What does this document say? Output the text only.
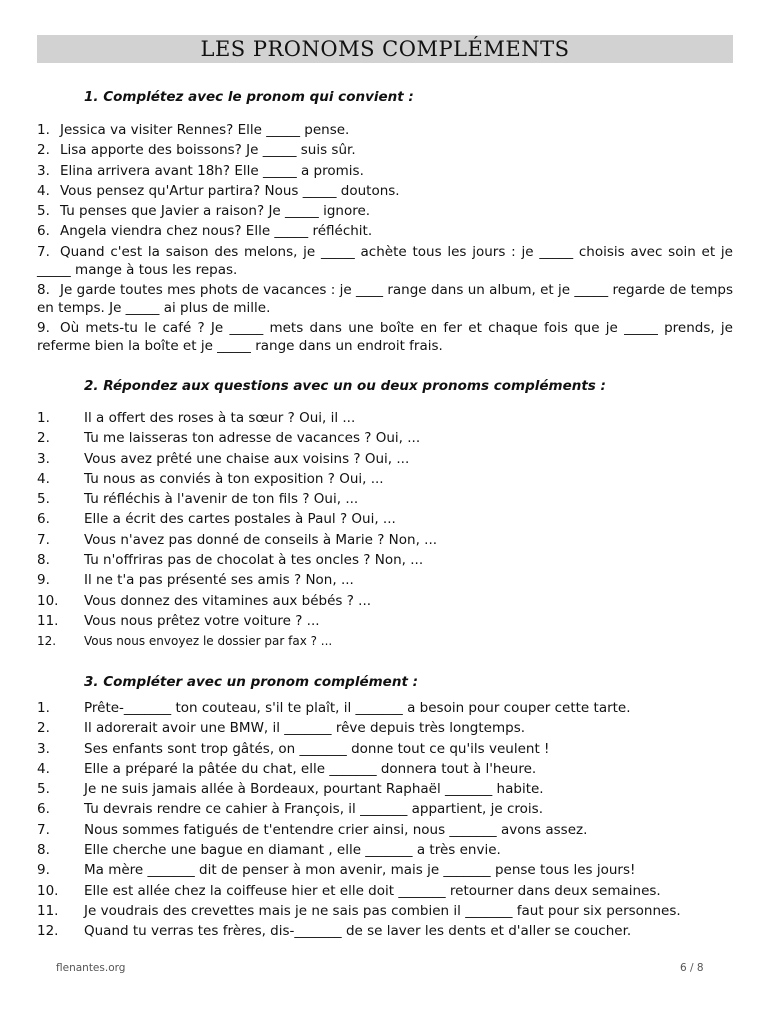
LES PRONOMS COMPLÉMENTS
1. Complétez avec le pronom qui convient :
1. Jessica va visiter Rennes? Elle _____ pense.
2. Lisa apporte des boissons? Je _____ suis sûr.
3. Elina arrivera avant 18h? Elle _____ a promis.
4. Vous pensez qu'Artur partira? Nous _____ doutons.
5. Tu penses que Javier a raison? Je _____ ignore.
6. Angela viendra chez nous? Elle _____ réfléchit.
7. Quand c'est la saison des melons, je _____ achète tous les jours : je _____ choisis avec soin et je _____ mange à tous les repas.
8. Je garde toutes mes phots de vacances : je ____ range dans un album, et je _____ regarde de temps en temps. Je _____ ai plus de mille.
9. Où mets-tu le café ? Je _____ mets dans une boîte en fer et chaque fois que je _____ prends, je referme bien la boîte et je _____ range dans un endroit frais.
2. Répondez aux questions avec un ou deux pronoms compléments :
1.	Il a offert des roses à ta sœur ? Oui, il ...
2.	Tu me laisseras ton adresse de vacances ? Oui, ...
3.	Vous avez prêté une chaise aux voisins ? Oui, ...
4.	Tu nous as conviés à ton exposition ? Oui, ...
5.	Tu réfléchis à l'avenir de ton fils ? Oui, ...
6.	Elle a écrit des cartes postales à Paul ? Oui, ...
7.	Vous n'avez pas donné de conseils à Marie ? Non, ...
8.	Tu n'offriras pas de chocolat à tes oncles ? Non, ...
9.	Il ne t'a pas présenté ses amis ? Non, ...
10. Vous donnez des vitamines aux bébés ? ...
11. Vous nous prêtez votre voiture ? ...
12. Vous nous envoyez le dossier par fax ? ...
3. Compléter avec un pronom complément :
1.	Prête-_______ ton couteau, s'il te plaît, il _______ a besoin pour couper cette tarte.
2.	Il adorerait avoir une BMW, il _______ rêve depuis très longtemps.
3.	Ses enfants sont trop gâtés, on _______ donne tout ce qu'ils veulent !
4.	Elle a préparé la pâtée du chat, elle _______ donnera tout à l'heure.
5.	Je ne suis jamais allée à Bordeaux, pourtant Raphaël _______ habite.
6.	Tu devrais rendre ce cahier à François, il _______ appartient, je crois.
7.	Nous sommes fatigués de t'entendre crier ainsi, nous _______ avons assez.
8.	Elle cherche une bague en diamant , elle _______ a très envie.
9.	Ma mère _______ dit de penser à mon avenir, mais je _______ pense tous les jours!
10. Elle est allée chez la coiffeuse hier et elle doit _______ retourner dans deux semaines.
11. Je voudrais des crevettes mais je ne sais pas combien il _______ faut pour six personnes.
12. Quand tu verras tes frères, dis-_______ de se laver les dents et d'aller se coucher.
flenantes.org	6 / 8
